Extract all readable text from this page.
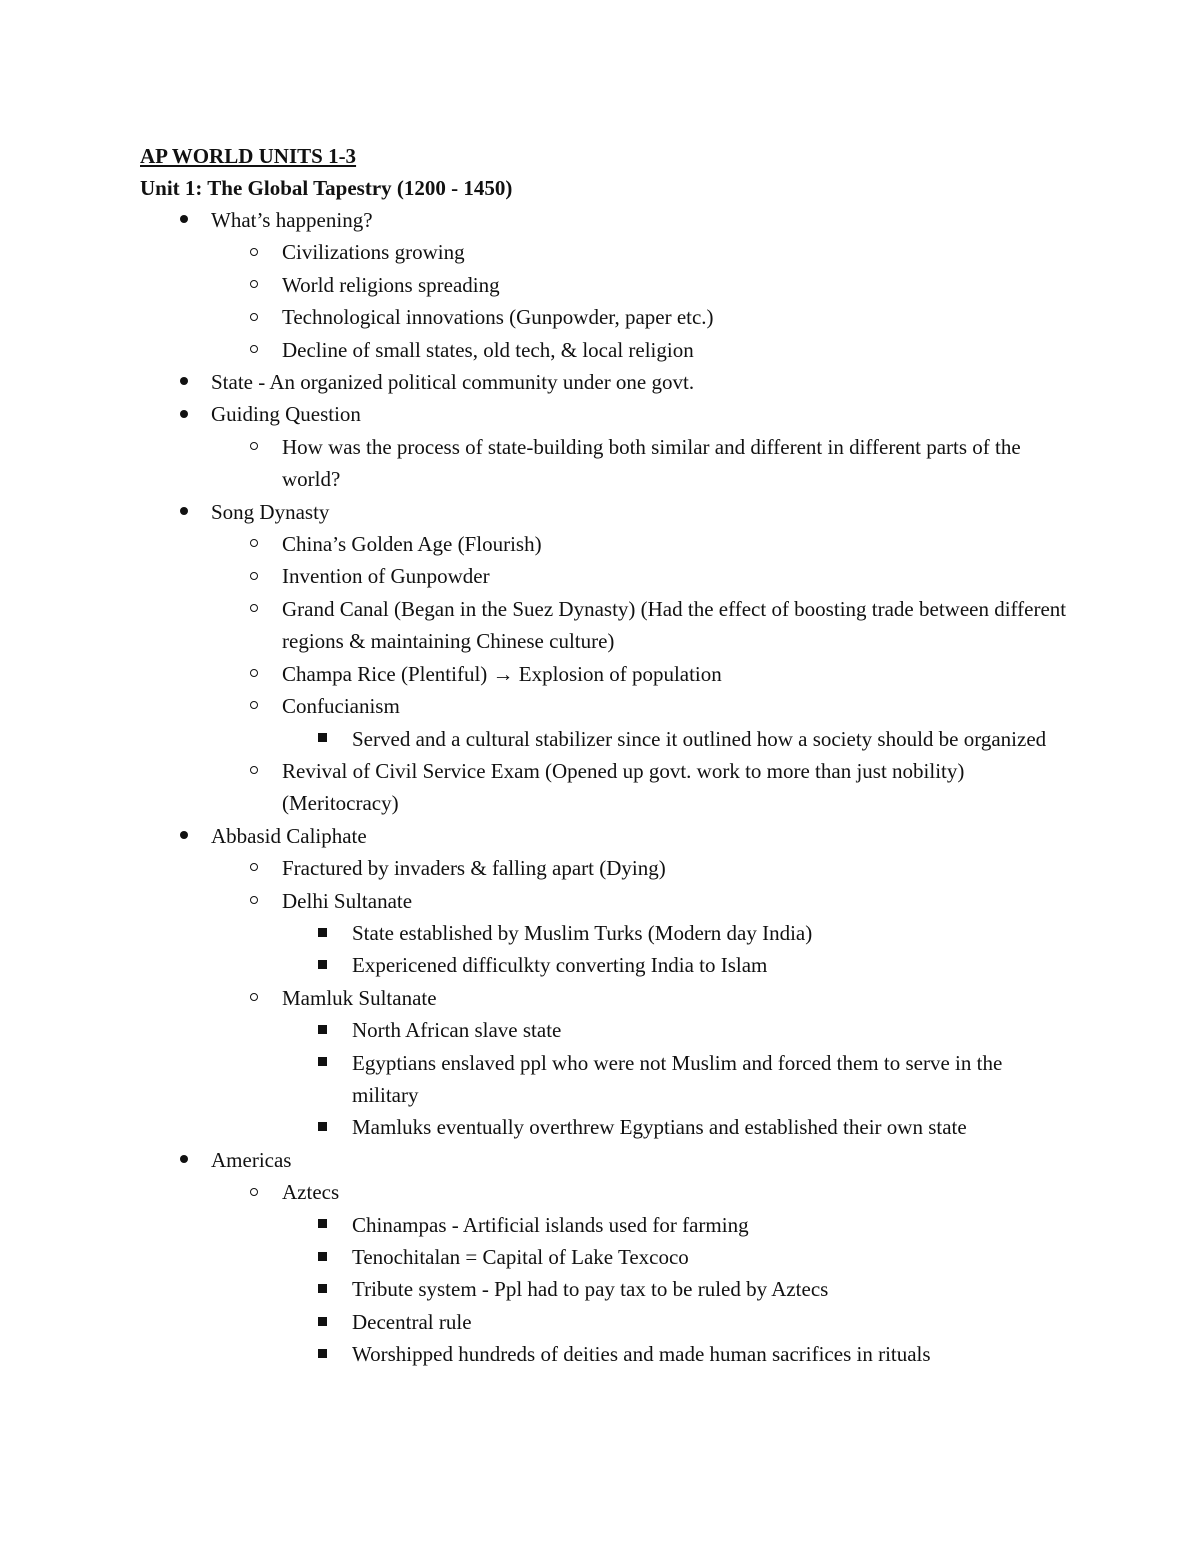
AP WORLD UNITS 1-3
Unit 1: The Global Tapestry (1200 - 1450)
What’s happening?
Civilizations growing
World religions spreading
Technological innovations (Gunpowder, paper etc.)
Decline of small states, old tech, & local religion
State - An organized political community under one govt.
Guiding Question
How was the process of state-building both similar and different in different parts of the world?
Song Dynasty
China’s Golden Age (Flourish)
Invention of Gunpowder
Grand Canal (Began in the Suez Dynasty) (Had the effect of boosting trade between different regions & maintaining Chinese culture)
Champa Rice (Plentiful) → Explosion of population
Confucianism
Served and a cultural stabilizer since it outlined how a society should be organized
Revival of Civil Service Exam (Opened up govt. work to more than just nobility) (Meritocracy)
Abbasid Caliphate
Fractured by invaders & falling apart (Dying)
Delhi Sultanate
State established by Muslim Turks (Modern day India)
Expericened difficulkty converting India to Islam
Mamluk Sultanate
North African slave state
Egyptians enslaved ppl who were not Muslim and forced them to serve in the military
Mamluks eventually overthrew Egyptians and established their own state
Americas
Aztecs
Chinampas - Artificial islands used for farming
Tenochitalan = Capital of Lake Texcoco
Tribute system - Ppl had to pay tax to be ruled by Aztecs
Decentral rule
Worshipped hundreds of deities and made human sacrifices in rituals
